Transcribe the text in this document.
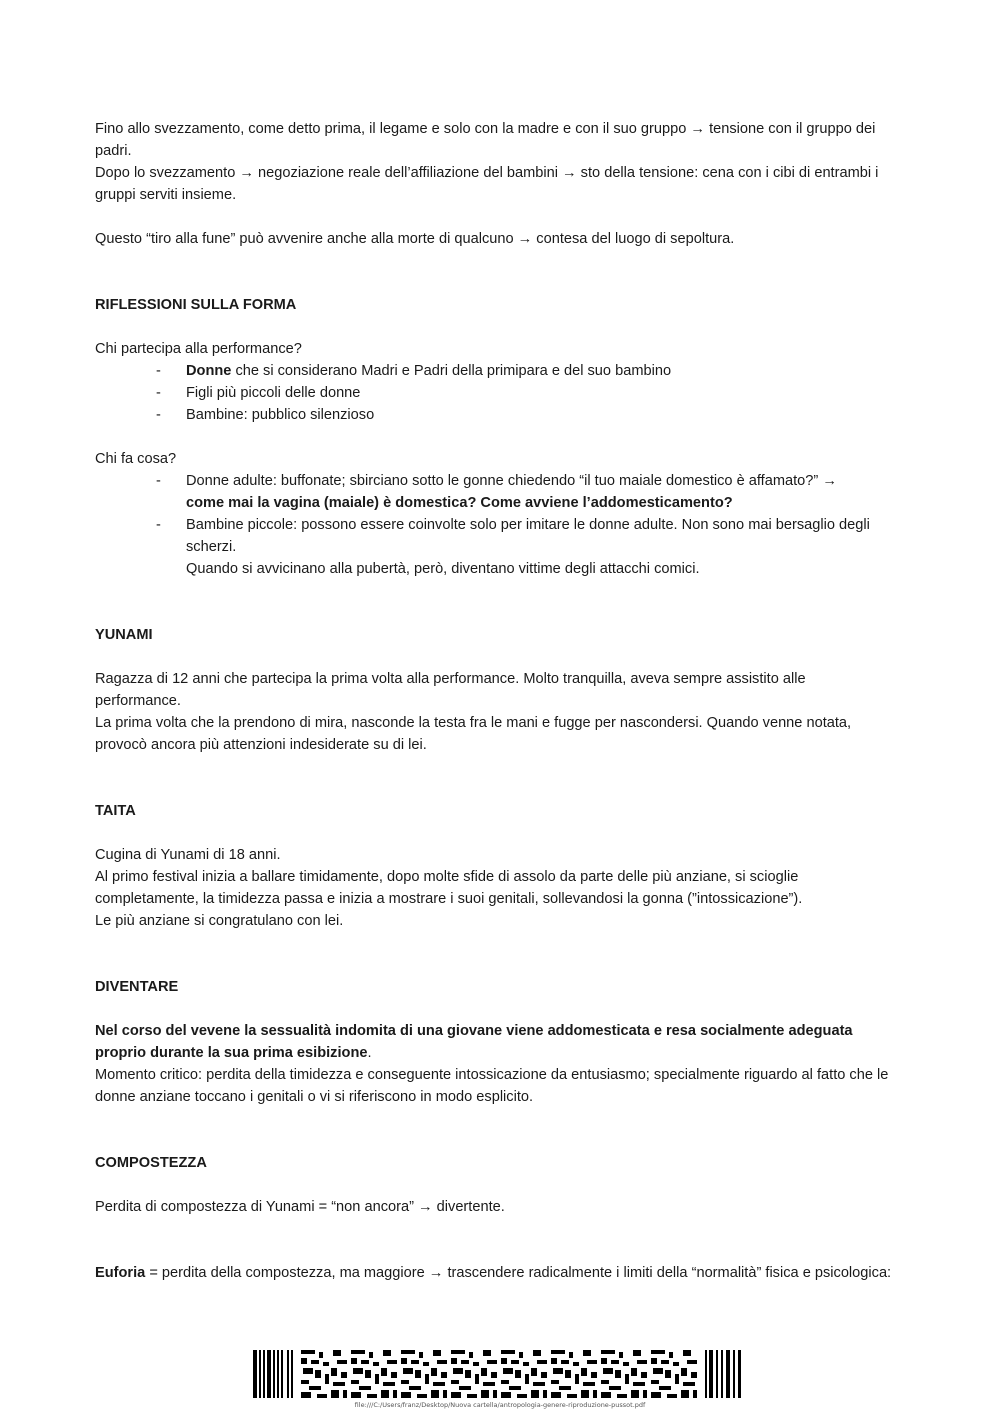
Fino allo svezzamento, come detto prima, il legame e solo con la madre e con il suo gruppo → tensione con il gruppo dei padri.

Dopo lo svezzamento → negoziazione reale dell’affiliazione del bambini → sto della tensione: cena con i cibi di entrambi i gruppi serviti insieme.

Questo “tiro alla fune” può avvenire anche alla morte di qualcuno → contesa del luogo di sepoltura.

RIFLESSIONI SULLA FORMA

Chi partecipa alla performance?

- Donne che si considerano Madri e Padri della primipara e del suo bambino
- Figli più piccoli delle donne
- Bambine: pubblico silenzioso

Chi fa cosa?

- Donne adulte: buffonate; sbirciano sotto le gonne chiedendo “il tuo maiale domestico è affamato?” →
come mai la vagina (maiale) è domestica? Come avviene l’addomesticamento?
- Bambine piccole: possono essere coinvolte solo per imitare le donne adulte. Non sono mai bersaglio degli scherzi.
Quando si avvicinano alla pubertà, però, diventano vittime degli attacchi comici.

YUNAMI

Ragazza di 12 anni che partecipa la prima volta alla performance. Molto tranquilla, aveva sempre assistito alle performance.

La prima volta che la prendono di mira, nasconde la testa fra le mani e fugge per nascondersi. Quando venne notata, provocò ancora più attenzioni indesiderate su di lei.

TAITA

Cugina di Yunami di 18 anni.

Al primo festival inizia a ballare timidamente, dopo molte sfide di assolo da parte delle più anziane, si scioglie completamente, la timidezza passa e inizia a mostrare i suoi genitali, sollevandosi la gonna (”intossicazione”).

Le più anziane si congratulano con lei.

DIVENTARE

Nel corso del vevene la sessualità indomita di una giovane viene addomesticata e resa socialmente adeguata proprio durante la sua prima esibizione.

Momento critico: perdita della timidezza e conseguente intossicazione da entusiasmo; specialmente riguardo al fatto che le donne anziane toccano i genitali o vi si riferiscono in modo esplicito.

COMPOSTEZZA

Perdita di compostezza di Yunami = “non ancora” → divertente.

Euforia = perdita della compostezza, ma maggiore → trascendere radicalmente i limiti della “normalità” fisica e psicologica:

file:///C:/Users/franz/Desktop/Nuova cartella/antropologia-genere-riproduzione-pussot.pdf
